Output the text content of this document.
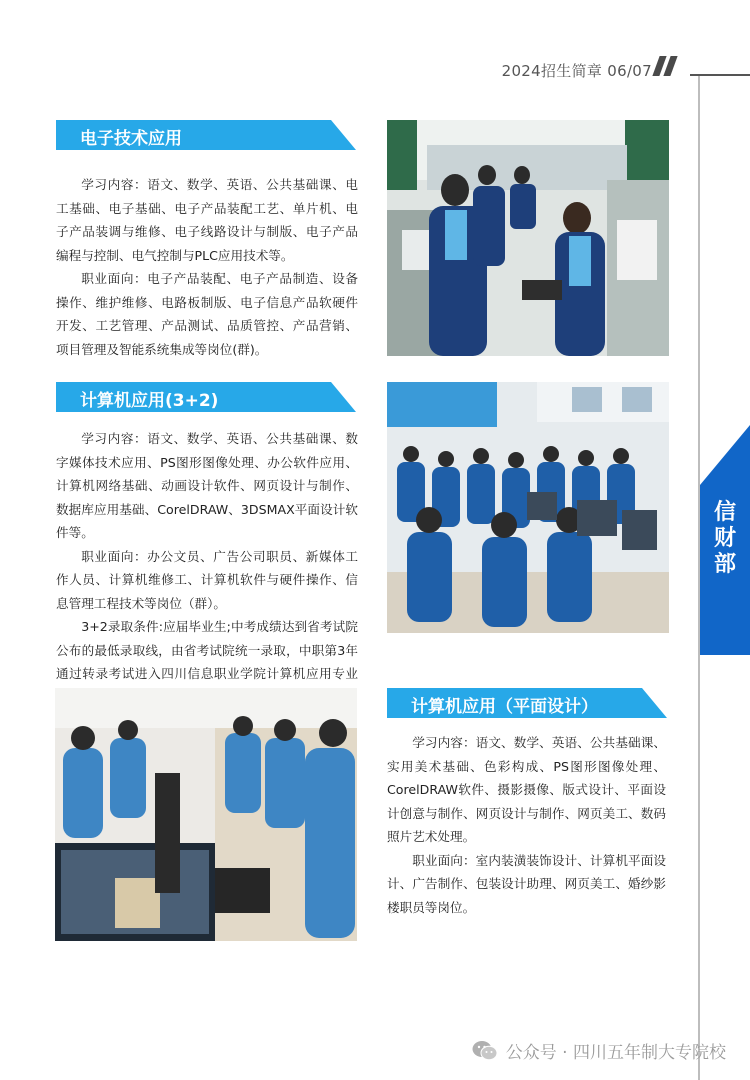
2024招生简章 06/07
信财部
电子技术应用

学习内容：语文、数学、英语、公共基础课、电工基础、电子基础、电子产品装配工艺、单片机、电子产品装调与维修、电子线路设计与制版、电子产品编程与控制、电气控制与PLC应用技术等。

职业面向：电子产品装配、电子产品制造、设备操作、维护维修、电路板制版、电子信息产品软硬件开发、工艺管理、产品测试、品质管控、产品营销、项目管理及智能系统集成等岗位(群)。

计算机应用(3+2)

学习内容：语文、数学、英语、公共基础课、数字媒体技术应用、PS图形图像处理、办公软件应用、计算机网络基础、动画设计软件、网页设计与制作、数据库应用基础、CorelDRAW、3DSMAX平面设计软件等。

职业面向：办公文员、广告公司职员、新媒体工作人员、计算机维修工、计算机软件与硬件操作、信息管理工程技术等岗位（群）。

3+2录取条件:应届毕业生;中考成绩达到省考试院公布的最低录取线，由省考试院统一录取，中职第3年通过转录考试进入四川信息职业学院计算机应用专业

计算机应用（平面设计）

学习内容：语文、数学、英语、公共基础课、实用美术基础、色彩构成、PS图形图像处理、CorelDRAW软件、摄影摄像、版式设计、平面设计创意与制作、网页设计与制作、网页美工、数码照片艺术处理。

职业面向：室内装潢装饰设计、计算机平面设计、广告制作、包装设计助理、网页美工、婚纱影楼职员等岗位。

公众号 · 四川五年制大专院校
